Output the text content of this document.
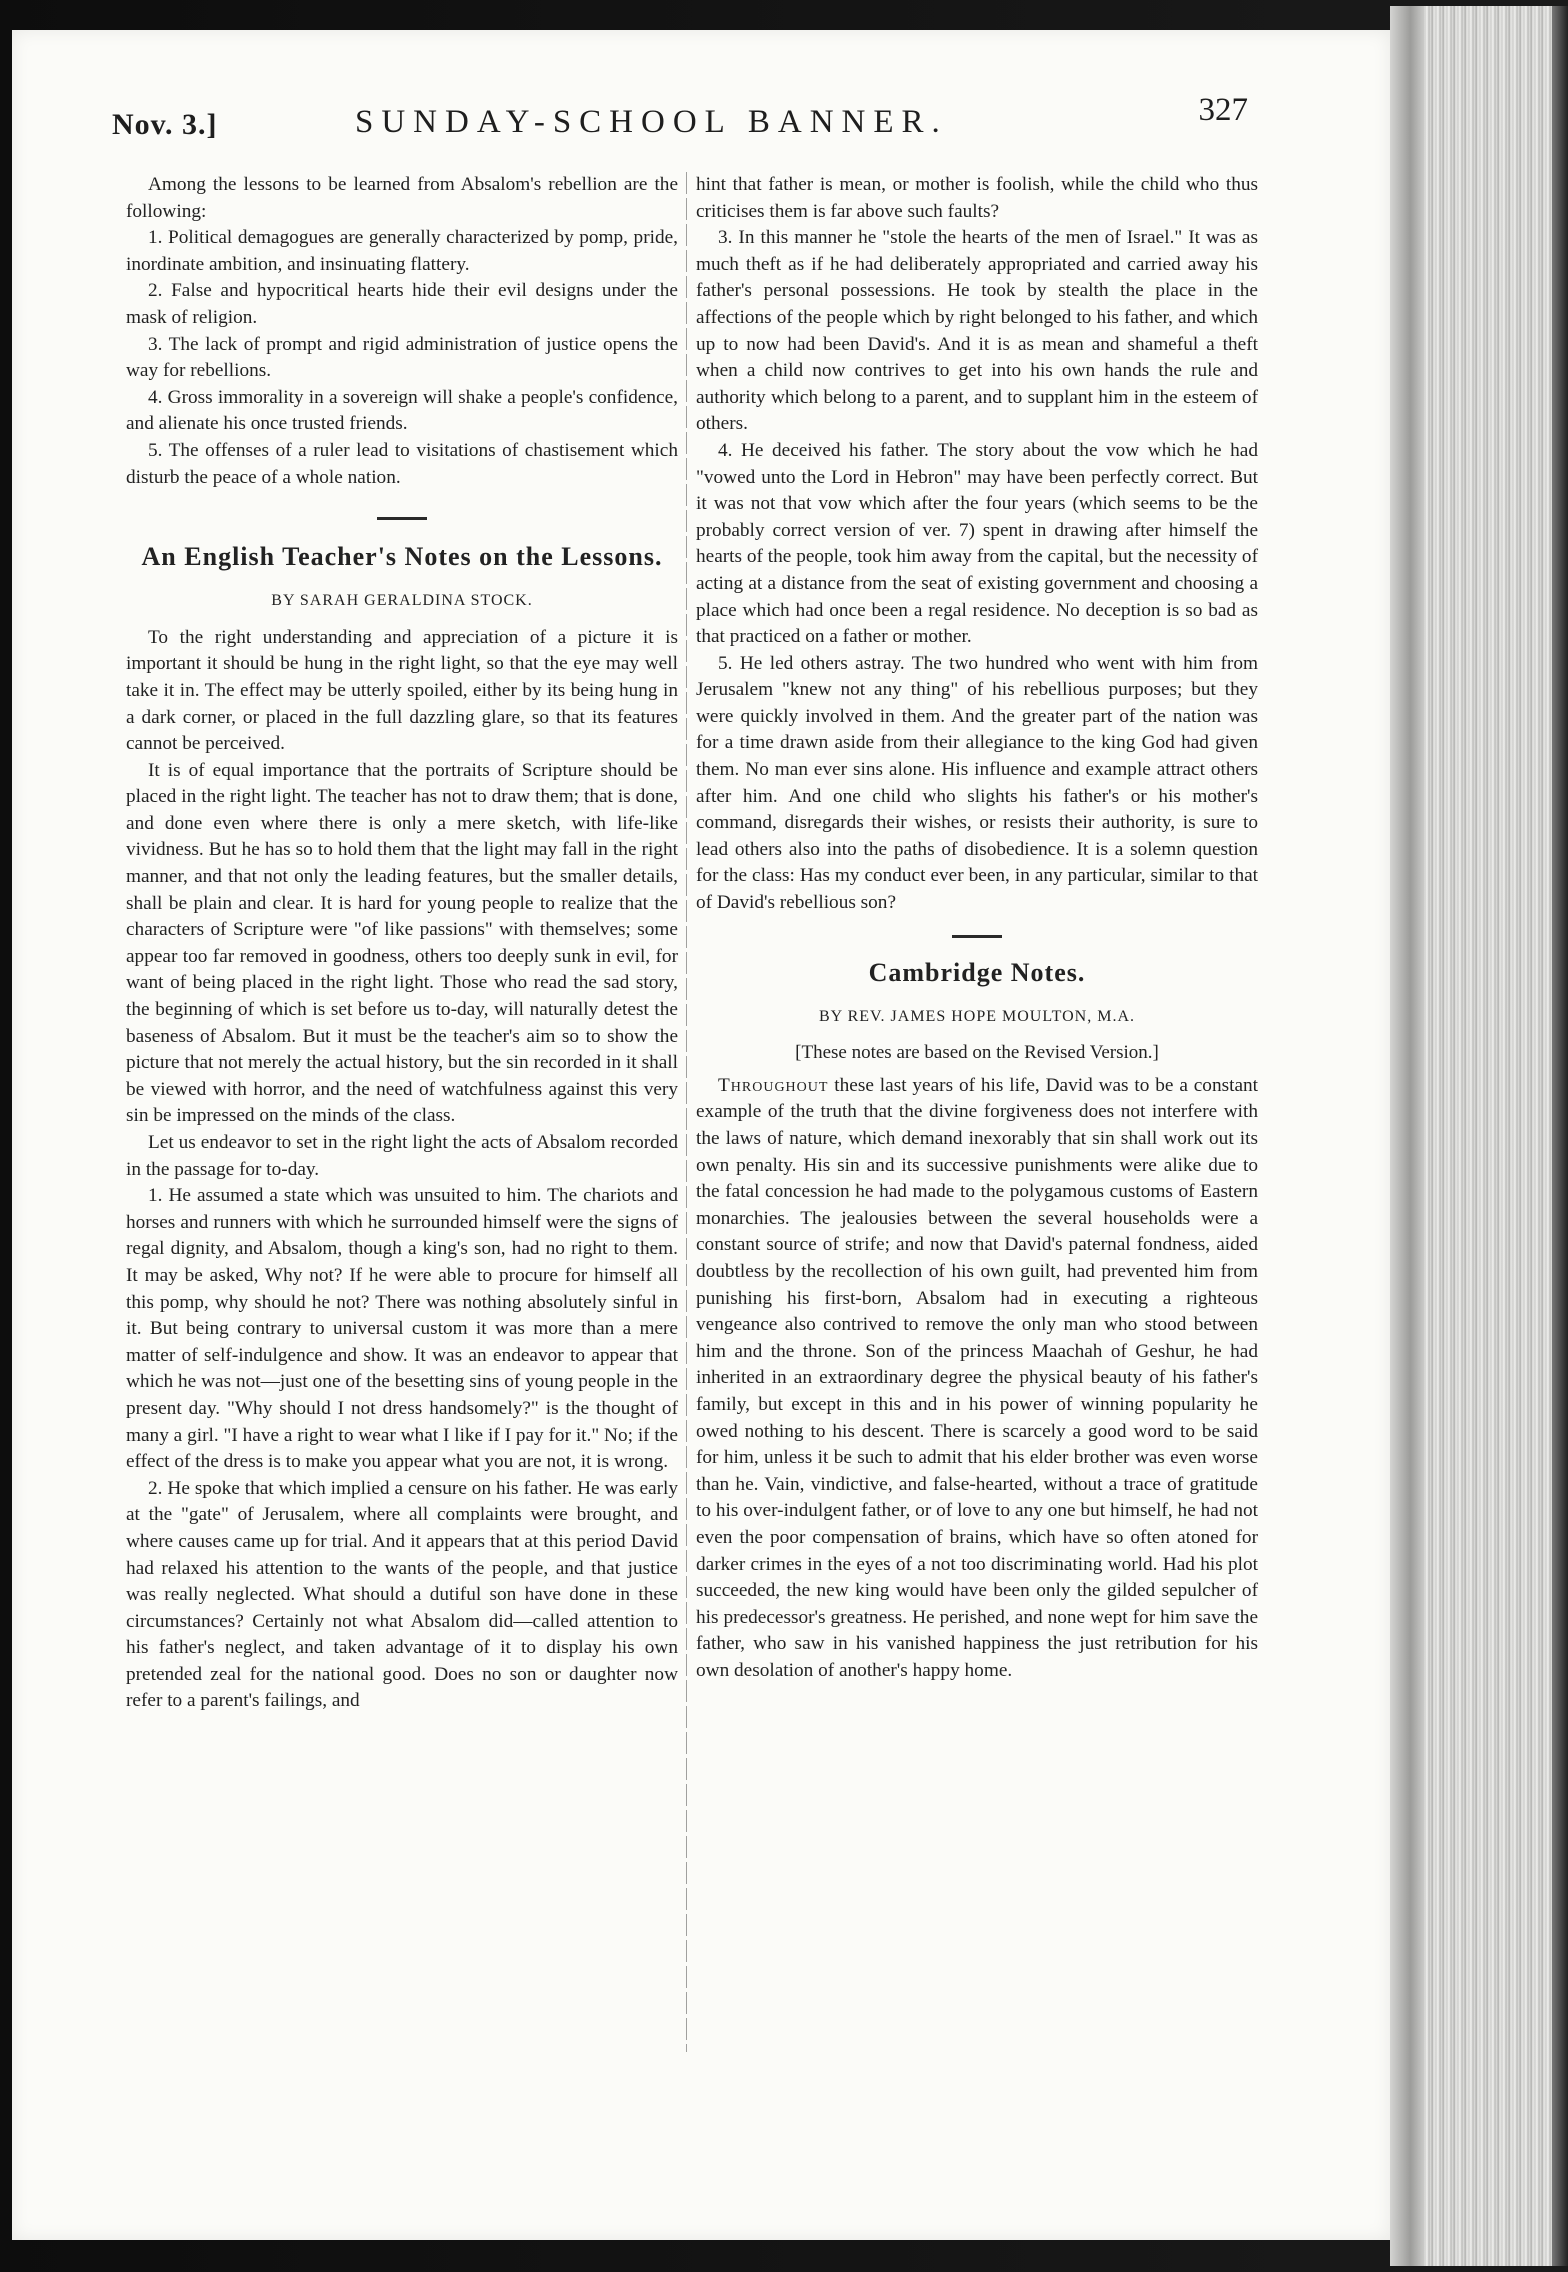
Nov. 3.]	SUNDAY-SCHOOL BANNER.	327

Among the lessons to be learned from Absalom's rebellion are the following:

1. Political demagogues are generally characterized by pomp, pride, inordinate ambition, and insinuating flattery.

2. False and hypocritical hearts hide their evil designs under the mask of religion.

3. The lack of prompt and rigid administration of justice opens the way for rebellions.

4. Gross immorality in a sovereign will shake a people's confidence, and alienate his once trusted friends.

5. The offenses of a ruler lead to visitations of chastisement which disturb the peace of a whole nation.

An English Teacher's Notes on the Lessons.
BY SARAH GERALDINA STOCK.

To the right understanding and appreciation of a picture it is important it should be hung in the right light, so that the eye may well take it in. The effect may be utterly spoiled, either by its being hung in a dark corner, or placed in the full dazzling glare, so that its features cannot be perceived.

It is of equal importance that the portraits of Scripture should be placed in the right light. The teacher has not to draw them; that is done, and done even where there is only a mere sketch, with life-like vividness. But he has so to hold them that the light may fall in the right manner, and that not only the leading features, but the smaller details, shall be plain and clear. It is hard for young people to realize that the characters of Scripture were "of like passions" with themselves; some appear too far removed in goodness, others too deeply sunk in evil, for want of being placed in the right light. Those who read the sad story, the beginning of which is set before us to-day, will naturally detest the baseness of Absalom. But it must be the teacher's aim so to show the picture that not merely the actual history, but the sin recorded in it shall be viewed with horror, and the need of watchfulness against this very sin be impressed on the minds of the class.

Let us endeavor to set in the right light the acts of Absalom recorded in the passage for to-day.

1. He assumed a state which was unsuited to him. The chariots and horses and runners with which he surrounded himself were the signs of regal dignity, and Absalom, though a king's son, had no right to them. It may be asked, Why not? If he were able to procure for himself all this pomp, why should he not? There was nothing absolutely sinful in it. But being contrary to universal custom it was more than a mere matter of self-indulgence and show. It was an endeavor to appear that which he was not—just one of the besetting sins of young people in the present day. "Why should I not dress handsomely?" is the thought of many a girl. "I have a right to wear what I like if I pay for it." No; if the effect of the dress is to make you appear what you are not, it is wrong.

2. He spoke that which implied a censure on his father. He was early at the "gate" of Jerusalem, where all complaints were brought, and where causes came up for trial. And it appears that at this period David had relaxed his attention to the wants of the people, and that justice was really neglected. What should a dutiful son have done in these circumstances? Certainly not what Absalom did—called attention to his father's neglect, and taken advantage of it to display his own pretended zeal for the national good. Does no son or daughter now refer to a parent's failings, and

hint that father is mean, or mother is foolish, while the child who thus criticises them is far above such faults?

3. In this manner he "stole the hearts of the men of Israel." It was as much theft as if he had deliberately appropriated and carried away his father's personal possessions. He took by stealth the place in the affections of the people which by right belonged to his father, and which up to now had been David's. And it is as mean and shameful a theft when a child now contrives to get into his own hands the rule and authority which belong to a parent, and to supplant him in the esteem of others.

4. He deceived his father. The story about the vow which he had "vowed unto the Lord in Hebron" may have been perfectly correct. But it was not that vow which after the four years (which seems to be the probably correct version of ver. 7) spent in drawing after himself the hearts of the people, took him away from the capital, but the necessity of acting at a distance from the seat of existing government and choosing a place which had once been a regal residence. No deception is so bad as that practiced on a father or mother.

5. He led others astray. The two hundred who went with him from Jerusalem "knew not any thing" of his rebellious purposes; but they were quickly involved in them. And the greater part of the nation was for a time drawn aside from their allegiance to the king God had given them. No man ever sins alone. His influence and example attract others after him. And one child who slights his father's or his mother's command, disregards their wishes, or resists their authority, is sure to lead others also into the paths of disobedience. It is a solemn question for the class: Has my conduct ever been, in any particular, similar to that of David's rebellious son?

Cambridge Notes.
BY REV. JAMES HOPE MOULTON, M.A.
[These notes are based on the Revised Version.]

Throughout these last years of his life, David was to be a constant example of the truth that the divine forgiveness does not interfere with the laws of nature, which demand inexorably that sin shall work out its own penalty. His sin and its successive punishments were alike due to the fatal concession he had made to the polygamous customs of Eastern monarchies. The jealousies between the several households were a constant source of strife; and now that David's paternal fondness, aided doubtless by the recollection of his own guilt, had prevented him from punishing his first-born, Absalom had in executing a righteous vengeance also contrived to remove the only man who stood between him and the throne. Son of the princess Maachah of Geshur, he had inherited in an extraordinary degree the physical beauty of his father's family, but except in this and in his power of winning popularity he owed nothing to his descent. There is scarcely a good word to be said for him, unless it be such to admit that his elder brother was even worse than he. Vain, vindictive, and false-hearted, without a trace of gratitude to his over-indulgent father, or of love to any one but himself, he had not even the poor compensation of brains, which have so often atoned for darker crimes in the eyes of a not too discriminating world. Had his plot succeeded, the new king would have been only the gilded sepulcher of his predecessor's greatness. He perished, and none wept for him save the father, who saw in his vanished happiness the just retribution for his own desolation of another's happy home.
